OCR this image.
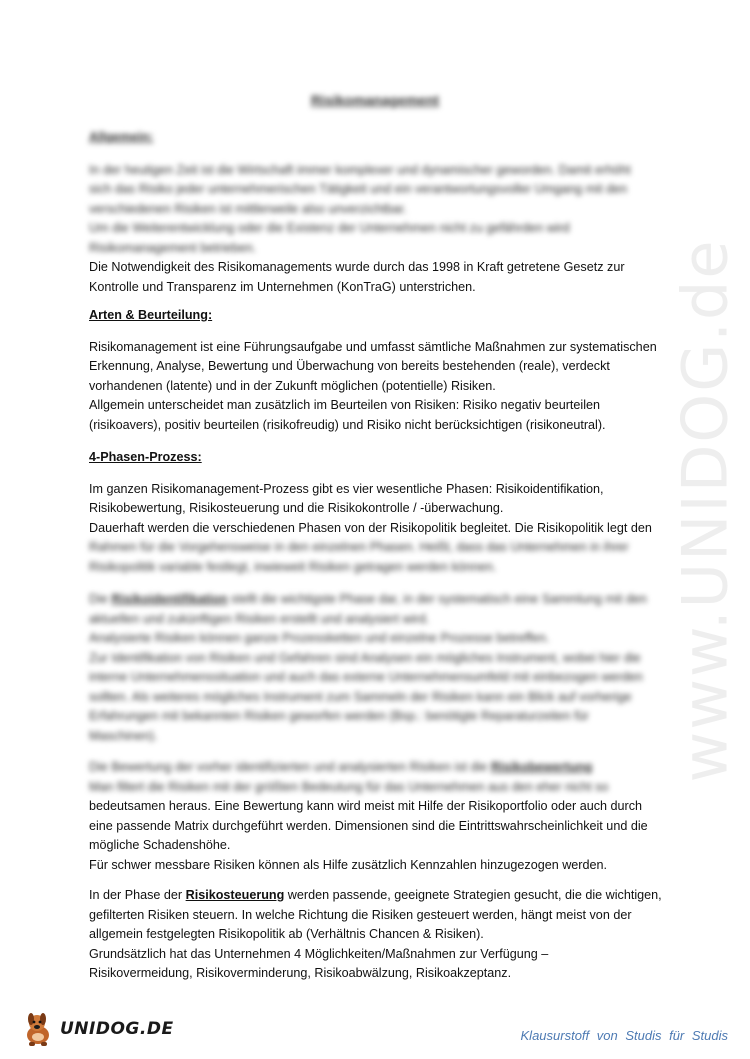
www.UNIDOG.de
Risikomanagement
Allgemein:
In der heutigen Zeit ist die Wirtschaft immer komplexer und dynamischer geworden. Damit erhöht
sich das Risiko jeder unternehmerischen Tätigkeit und ein verantwortungsvoller Umgang mit den
verschiedenen Risiken ist mittlerweile also unverzichtbar.
Um die Weiterentwicklung oder die Existenz der Unternehmen nicht zu gefährden wird
Risikomanagement betrieben.
Die Notwendigkeit des Risikomanagements wurde durch das 1998 in Kraft getretene Gesetz zur
Kontrolle und Transparenz im Unternehmen (KonTraG) unterstrichen.
Arten & Beurteilung:
Risikomanagement ist eine Führungsaufgabe und umfasst sämtliche Maßnahmen zur systematischen
Erkennung, Analyse, Bewertung und Überwachung von bereits bestehenden (reale), verdeckt
vorhandenen (latente) und in der Zukunft möglichen (potentielle) Risiken.
Allgemein unterscheidet man zusätzlich im Beurteilen von Risiken: Risiko negativ beurteilen
(risikoavers), positiv beurteilen (risikofreudig) und Risiko nicht berücksichtigen (risikoneutral).
4-Phasen-Prozess:
Im ganzen Risikomanagement-Prozess gibt es vier wesentliche Phasen: Risikoidentifikation,
Risikobewertung, Risikosteuerung und die Risikokontrolle / -überwachung.
Dauerhaft werden die verschiedenen Phasen von der Risikopolitik begleitet. Die Risikopolitik legt den
Rahmen für die Vorgehensweise in den einzelnen Phasen. Heißt, dass das Unternehmen in ihrer
Risikopolitik variable festlegt, inwieweit Risiken getragen werden können.
Die Risikoidentifikation stellt die wichtigste Phase dar, in der systematisch eine Sammlung mit den
aktuellen und zukünftigen Risiken erstellt und analysiert wird.
Analysierte Risiken können ganze Prozessketten und einzelne Prozesse betreffen.
Zur Identifikation von Risiken und Gefahren sind Analysen ein mögliches Instrument, wobei hier die
interne Unternehmenssituation und auch das externe Unternehmensumfeld mit einbezogen werden
sollten. Als weiteres mögliches Instrument zum Sammeln der Risiken kann ein Blick auf vorherige
Erfahrungen mit bekannten Risiken geworfen werden (Bsp.: benötigte Reparaturzeiten für
Maschinen).
Die Bewertung der vorher identifizierten und analysierten Risiken ist die Risikobewertung
Man filtert die Risiken mit der größten Bedeutung für das Unternehmen aus den eher nicht so
bedeutsamen heraus. Eine Bewertung kann wird meist mit Hilfe der Risikoportfolio oder auch durch
eine passende Matrix durchgeführt werden. Dimensionen sind die Eintrittswahrscheinlichkeit und die
mögliche Schadenshöhe.
Für schwer messbare Risiken können als Hilfe zusätzlich Kennzahlen hinzugezogen werden.
In der Phase der Risikosteuerung werden passende, geeignete Strategien gesucht, die die wichtigen,
gefilterten Risiken steuern. In welche Richtung die Risiken gesteuert werden, hängt meist von der
allgemein festgelegten Risikopolitik ab (Verhältnis Chancen & Risiken).
Grundsätzlich hat das Unternehmen 4 Möglichkeiten/Maßnahmen zur Verfügung –
Risikovermeidung, Risikoverminderung, Risikoabwälzung, Risikoakzeptanz.
UNIDOG.DE	Klausurstoff von Studis für Studis
